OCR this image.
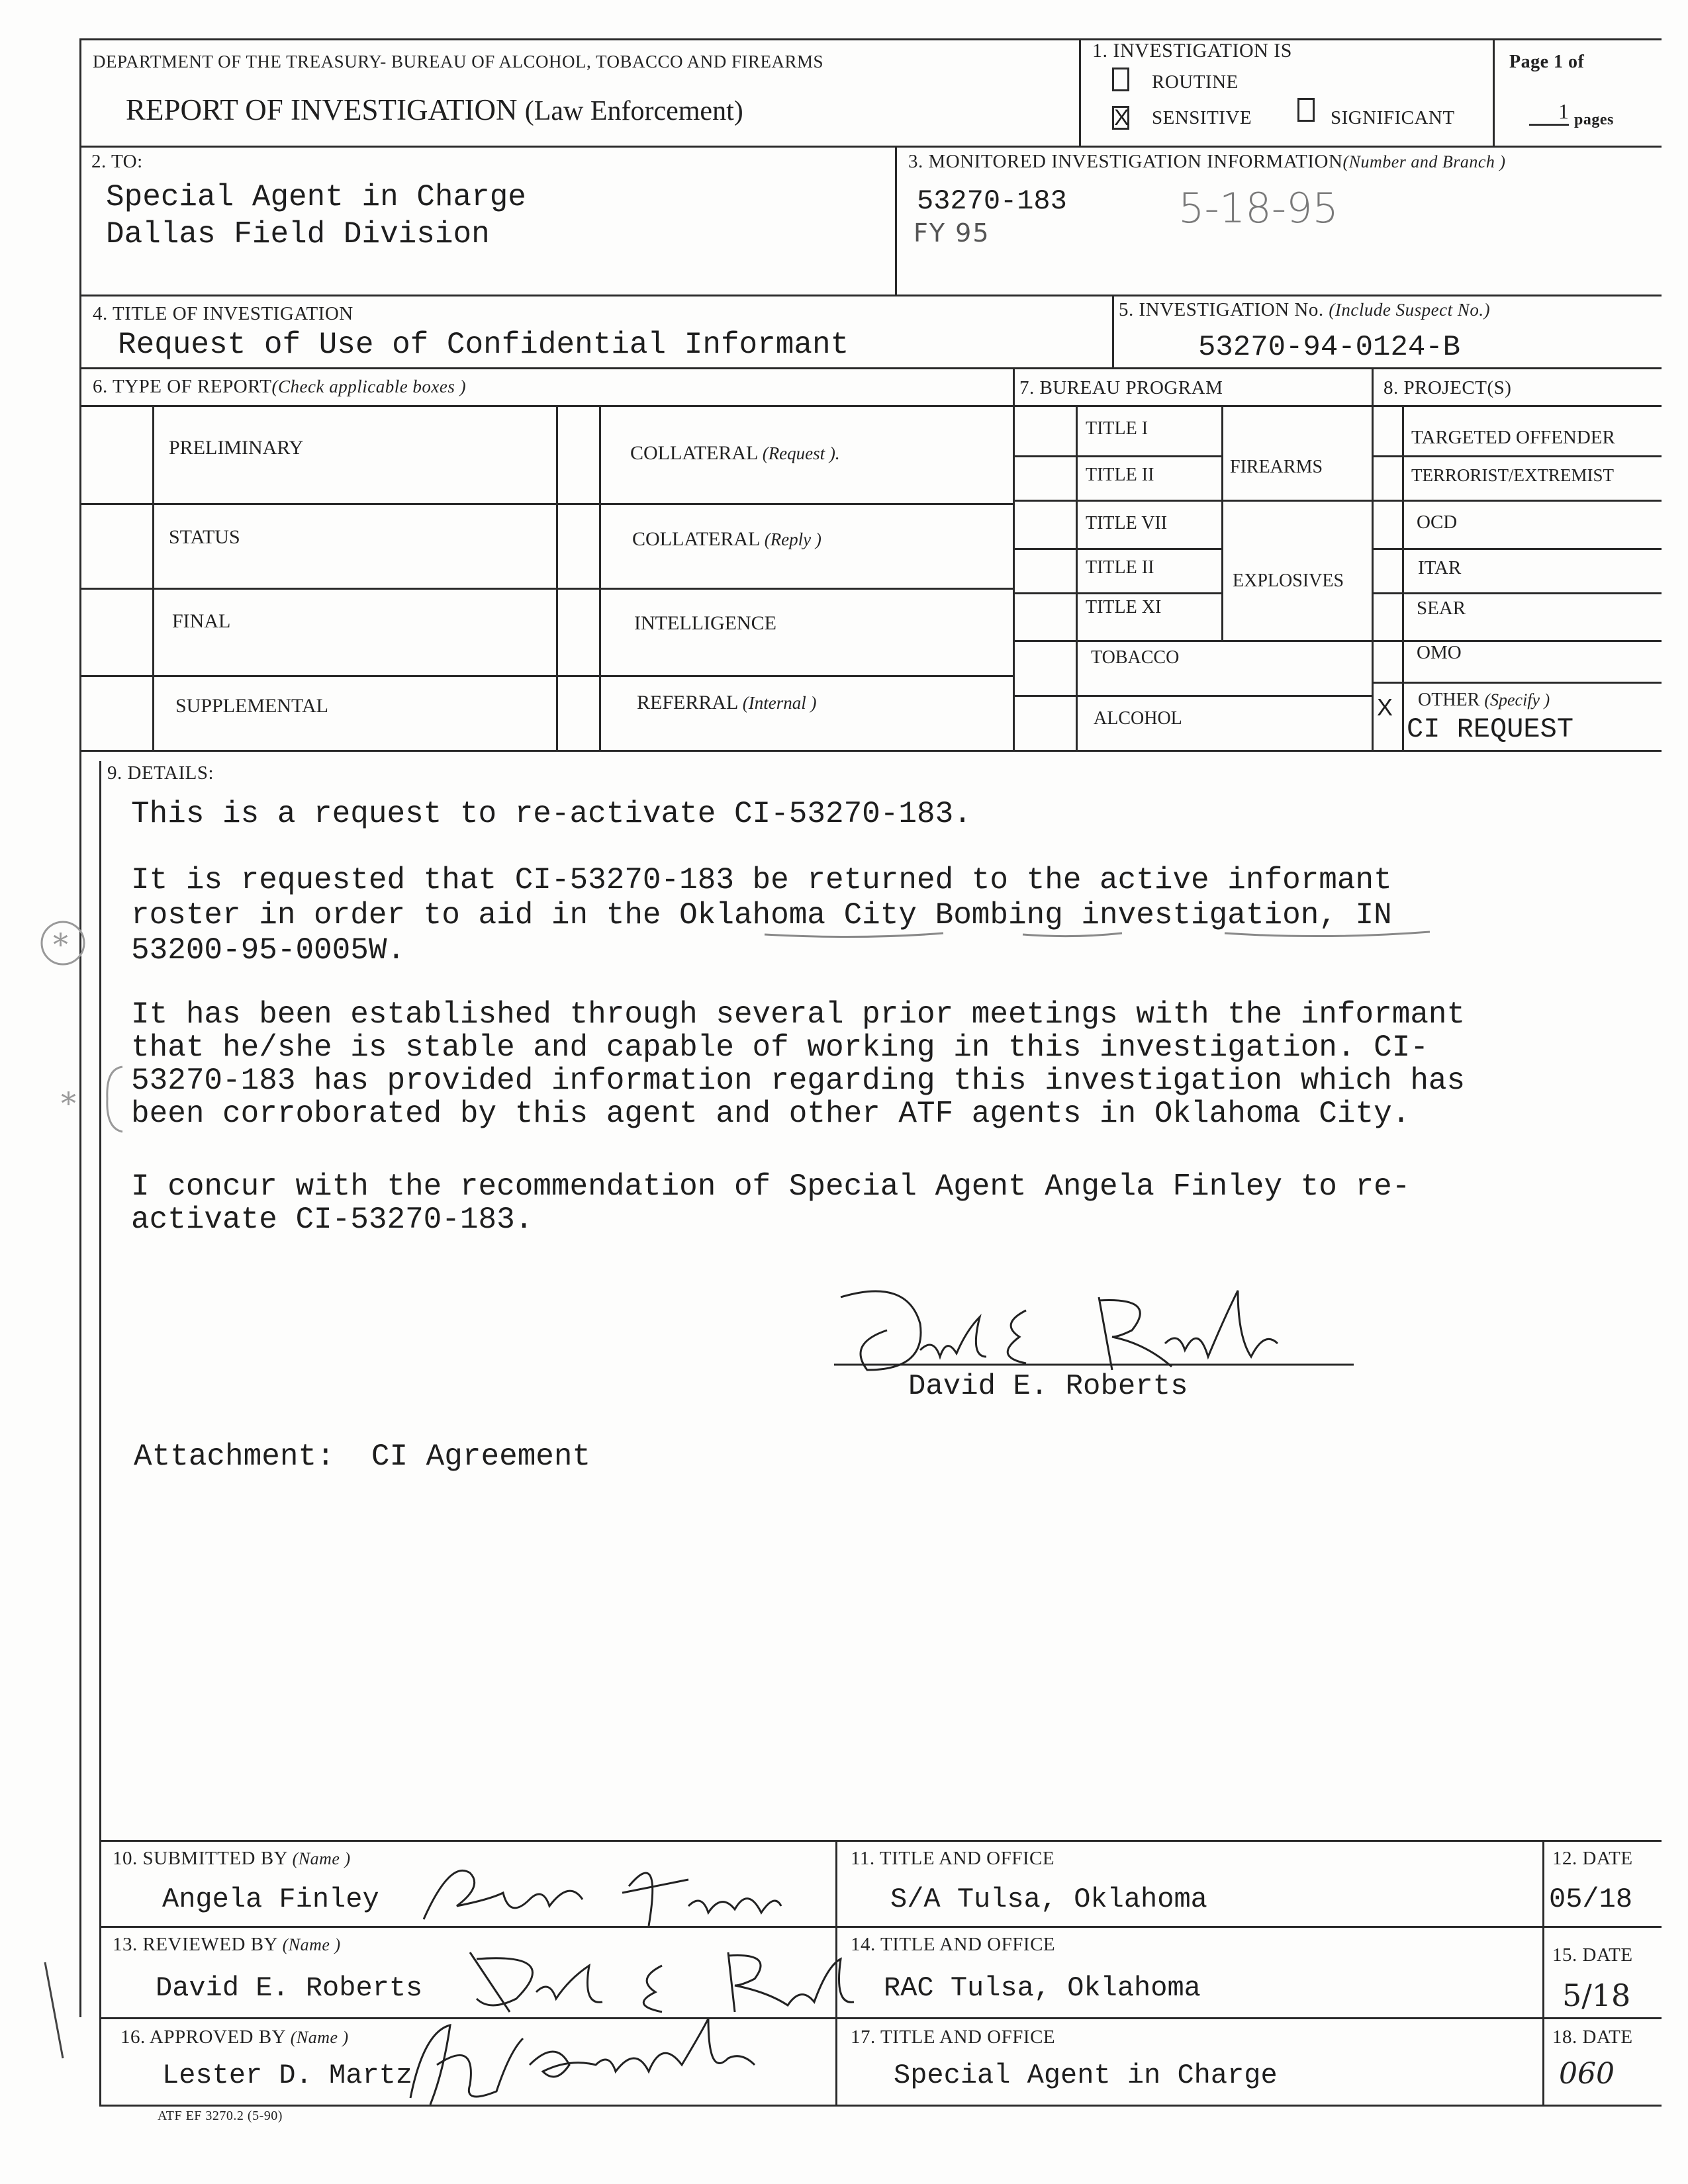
DEPARTMENT OF THE TREASURY- BUREAU OF ALCOHOL, TOBACCO AND FIREARMS
REPORT OF INVESTIGATION (Law Enforcement)
1. INVESTIGATION IS
ROUTINE
X SENSITIVE	SIGNIFICANT
Page 1 of
1 pages
2. TO:
Special Agent in Charge
Dallas Field Division
3. MONITORED INVESTIGATION INFORMATION(Number and Branch )
53270-183
FY 95
5-18-95
4. TITLE OF INVESTIGATION
Request of Use of Confidential Informant
5. INVESTIGATION No. (Include Suspect No.)
53270-94-0124-B
6. TYPE OF REPORT(Check applicable boxes )
PRELIMINARY
STATUS
FINAL
SUPPLEMENTAL
COLLATERAL (Request ).
COLLATERAL (Reply )
INTELLIGENCE
REFERRAL (Internal )
7. BUREAU PROGRAM
TITLE I
TITLE II
TITLE VII
TITLE II
TITLE XI
FIREARMS
EXPLOSIVES
TOBACCO
ALCOHOL
8. PROJECT(S)
TARGETED OFFENDER
TERRORIST/EXTREMIST
OCD
ITAR
SEAR
OMO
X OTHER (Specify )
CI REQUEST
9. DETAILS:
This is a request to re-activate CI-53270-183.
It is requested that CI-53270-183 be returned to the active informant
roster in order to aid in the Oklahoma City Bombing investigation, IN
53200-95-0005W.
It has been established through several prior meetings with the informant
that he/she is stable and capable of working in this investigation. CI-
53270-183 has provided information regarding this investigation which has
been corroborated by this agent and other ATF agents in Oklahoma City.
I concur with the recommendation of Special Agent Angela Finley to re-
activate CI-53270-183.
*
*
David E. Roberts
Attachment:  CI Agreement
10. SUBMITTED BY (Name )
Angela Finley
11. TITLE AND OFFICE
S/A Tulsa, Oklahoma
12. DATE
05/18
13. REVIEWED BY (Name )
David E. Roberts
14. TITLE AND OFFICE
RAC Tulsa, Oklahoma
15. DATE
5/18
16. APPROVED BY (Name )
Lester D. Martz
17. TITLE AND OFFICE
Special Agent in Charge
18. DATE
060
ATF EF 3270.2 (5-90)
